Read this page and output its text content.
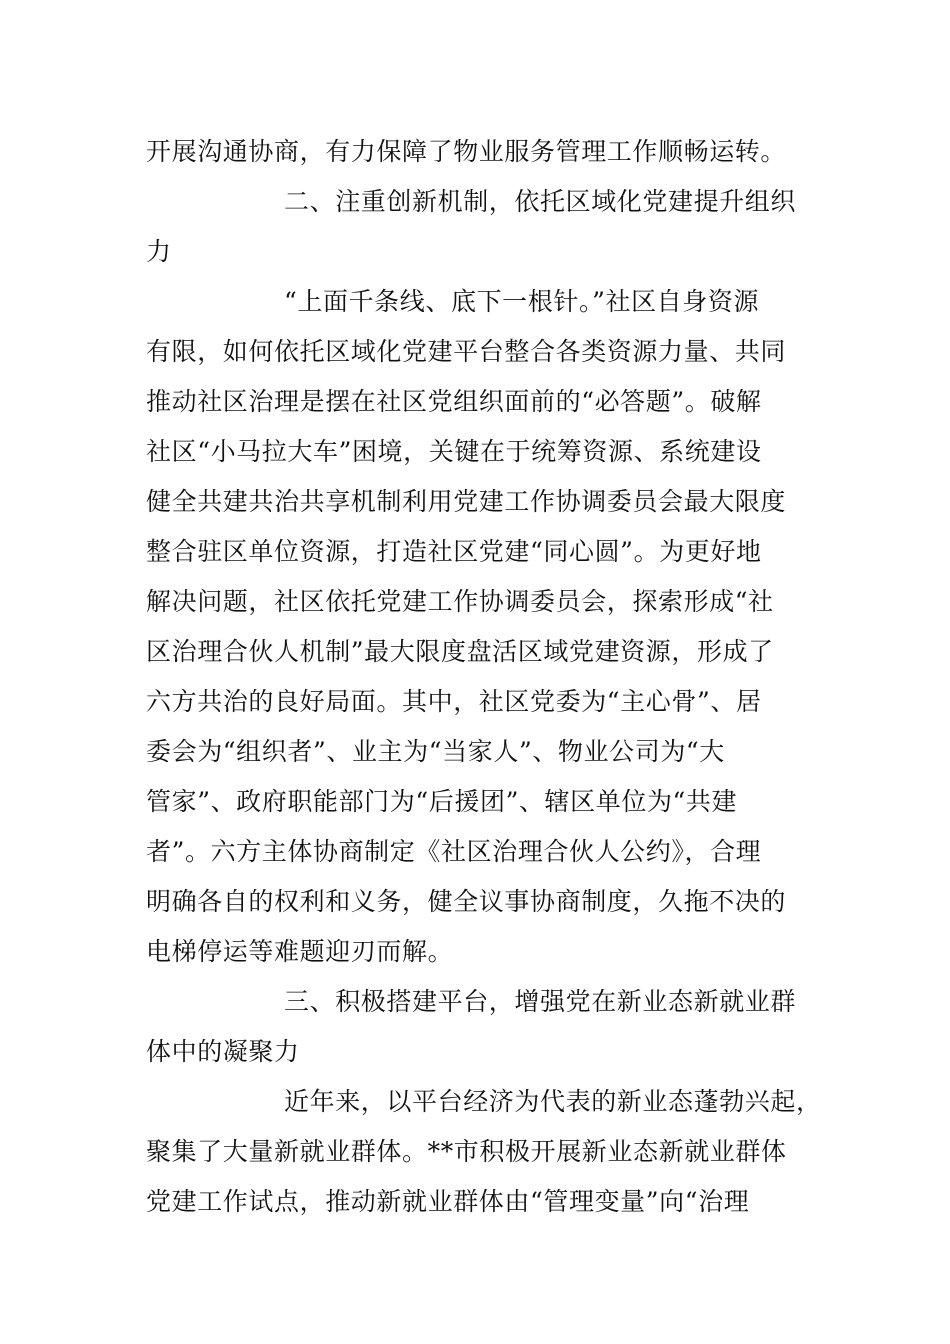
开展沟通协商，有力保障了物业服务管理工作顺畅运转。
二、注重创新机制，依托区域化党建提升组织
力
“上面千条线、底下一根针。”社区自身资源
有限，如何依托区域化党建平台整合各类资源力量、共同
推动社区治理是摆在社区党组织面前的“必答题”。破解
社区“小马拉大车”困境，关键在于统筹资源、系统建设
健全共建共治共享机制利用党建工作协调委员会最大限度
整合驻区单位资源，打造社区党建“同心圆”。为更好地
解决问题，社区依托党建工作协调委员会，探索形成“社
区治理合伙人机制”最大限度盘活区域党建资源，形成了
六方共治的良好局面。其中，社区党委为“主心骨”、居
委会为“组织者”、业主为“当家人”、物业公司为“大
管家”、政府职能部门为“后援团”、辖区单位为“共建
者”。六方主体协商制定《社区治理合伙人公约》，合理
明确各自的权利和义务，健全议事协商制度，久拖不决的
电梯停运等难题迎刃而解。
三、积极搭建平台，增强党在新业态新就业群
体中的凝聚力
近年来，以平台经济为代表的新业态蓬勃兴起，
聚集了大量新就业群体。**市积极开展新业态新就业群体
党建工作试点，推动新就业群体由“管理变量”向“治理
